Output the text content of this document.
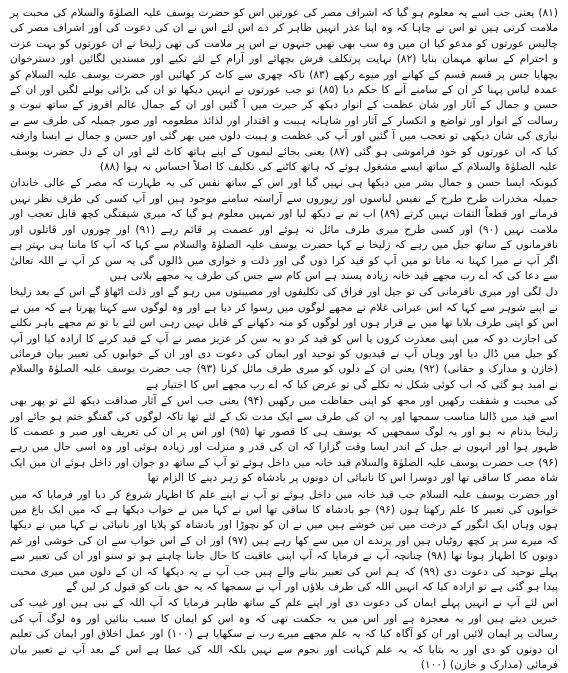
(۸۱) یعنی جب اسے یہ معلوم ہو گیا کہ اشراف مصر کی عورتیں اس کو حضرت یوسف علیہ الصلوٰۃ والسلام کی محبت پر ملامت کرتی ہیں تو اس نے چاہا کہ وہ اپنا عذر انہیں ظاہر کر دے اس لئے اس نے ان کی دعوت کی اور اشراف مصر کی چالیس عورتوں کو مدعو کیا ان میں وہ سب بھی تھیں جنہوں نے اس پر ملامت کی تھی زلیخا نے ان عورتوں کو بہت عزت و احترام کے ساتھ مہمان بنایا (۸۲) نہایت پرتکلف فرش بچھائے اور آرام کے لئے تکیے اور مسندیں لگائیں اور دسترخوان بچھایا جس پر قسم قسم کے کھانے اور میوے رکھے (۸۳) تاکہ چھری سے کاٹ کر کھائیں اور حضرت یوسف علیہ السلام کو عمدہ لباس پہنا کر ان کے سامنے آنے کا حکم دیا (۸۵) تو جب عورتوں نے انہیں دیکھا تو ان کی بڑائی بولنے لگیں اور ان کے حسن و جمال کے آثار اور شان عظمت کے انوار دیکھ کر حیرت میں آ گئیں اور ان کے جمال عالم افروز کے ساتھ نبوت و رسالت کے انوار اور تواضع و انکسار کے آثار اور شاہانہ ہیبت و اقتدار اور لذائذ مطعومہ اور صور جمیلہ کی طرف سے بے نیازی کی شان دیکھی تو تعجب میں آ گئیں اور آپ کی عظمت و ہیبت دلوں میں بھر گئی اور حسن و جمال نے ایسا وارفتہ کیا کہ ان عورتوں کو خود فراموشی ہو گئی (۸۷) یعنی بجائے لیموں کے اپنے ہاتھ کاٹ لئے اور ان کے دل حضرت یوسف علیہ الصلوٰۃ والسلام کے ساتھ ایسے مشغول ہوئے کہ ہاتھ کاٹنے کی تکلیف کا اصلاً احساس نہ ہوا (۸۸)

کیونکہ ایسا حسن و جمال بشر میں دیکھا ہی نہیں گیا اور اس کے ساتھ نفس کی یہ طہارت کہ مصر کے عالی خاندان جمیلہ مخدرات طرح طرح کے نفیس لباسوں اور زیوروں سے آراستہ سامنے موجود ہیں اور آپ کسی کی طرف نظر نہیں فرماتے اور قطعاً التفات نہیں کرتے (۸۹) اب تم نے دیکھ لیا اور تمہیں معلوم ہو گیا کہ میری شیفتگی کچھ قابل تعجب اور ملامت نہیں (۹۰) اور کسی طرح میری طرف مائل نہ ہوئے اور عصمت پر قائم رہے (۹۱) اور چوروں اور قاتلوں اور نافرمانوں کے ساتھ جیل میں رہے کہ زلیخا نے کہا حضرت یوسف علیہ الصلوٰۃ والسلام سے کہا کہ آپ کا ماننا ہی بہتر ہے اگر آپ نے میرا کہنا نہ مانا تو میں آپ کو قید کرا دوں گی اور ذلت و خواری میں ڈالوں گی یہ سن کر آپ نے اللہ تعالیٰ سے دعا کی کہ اے رب مجھے قید خانہ زیادہ پسند ہے اس کام سے جس کی طرف یہ مجھے بلاتی ہیں

دل لگی اور میری نافرمانی کی تو جیل اور فراق کی تکلیفوں اور مصیبتوں میں رہو گے اور ذلت اٹھاؤ گے اس کے بعد زلیخا نے اپنے شوہر سے کہا کہ اس عبرانی غلام نے مجھے لوگوں میں رسوا کر دیا ہے اور وہ لوگوں سے کہتا پھرتا ہے کہ میں نے اس کو اپنی طرف بلایا تھا میں بے قرار ہوں اور لوگوں کو منہ دکھانے کے قابل نہیں رہی اس لئے یا تو تم مجھے باہر نکلنے کی اجازت دو کہ میں اپنی معذرت کروں یا اس کو قید کر دو یہ سن کر عزیز مصر نے آپ کے قید کرنے کا ارادہ کیا اور آپ کو جیل میں ڈال دیا اور وہاں آپ نے قیدیوں کو توحید اور ایمان کی دعوت دی اور ان کے خوابوں کی تعبیر بیان فرمائی (خازن و مدارک و حقانی) (۹۲) یعنی ان کے دلوں کو میری طرف مائل کرنا (۹۳) جب حضرت یوسف علیہ الصلوٰۃ والسلام نے امید ہو گئی کہ اب کوئی شکل نہ نکلے گی تو عرض کیا کہ اے رب مجھے اس کا اختیار ہے

کی محبت و شفقت رکھیں اور مجھ کو اپنی حفاظت میں رکھیں (۹۴) یعنی جب اس کے آثار صداقت دیکھ لئے تو پھر بھی اسے قید میں ڈالنا مناسب سمجھا اور یہ ان کی طرف سے ایک مدت تک کے لئے تھا تاکہ لوگوں کی گفتگو ختم ہو جائے اور زلیخا بدنام نہ ہو اور یہ لوگ سمجھیں کہ یوسف ہی کا قصور تھا (۹۵) اور اس پر ان کی تعریف اور صبر و عصمت کا ظہور ہوا اور انہوں نے جیل کے اندر ایسا وقت گزارا کہ ان کی قدر و منزلت اور زیادہ ہوئی اور وہ اسی حال میں رہے (۹۶) جب حضرت یوسف علیہ الصلوٰۃ والسلام قید خانہ میں داخل ہوئے تو آپ کے ساتھ دو جوان اور داخل ہوئے ان میں ایک شاہ مصر کا ساقی تھا اور دوسرا اس کا نانبائی ان دونوں پر بادشاہ کو زہر دینے کا الزام تھا

اور حضرت یوسف علیہ السلام جب قید خانہ میں داخل ہوئے تو آپ نے اپنے علم کا اظہار شروع کر دیا اور فرمایا کہ میں خوابوں کی تعبیر کا علم رکھتا ہوں (۹۶) جو بادشاہ کا ساقی تھا اس نے کہا میں نے خواب دیکھا ہے کہ میں ایک باغ میں ہوں وہاں ایک انگور کے درخت میں تین خوشے ہیں میں نے ان کو نچوڑا اور بادشاہ کو پلایا اور نانبائی نے کہا میں نے دیکھا کہ میرے سر پر کچھ روٹیاں ہیں اور پرندے ان میں سے کھا رہے ہیں (۹۷) اور ان کے اس خواب سے ان کی خوشی اور غم دونوں کا اظہار ہوتا تھا (۹۸) چنانچہ آپ نے فرمایا کہ آپ اپنی عاقبت کا حال جاننا چاہتے ہو تو سنو اور ان کی تعبیر سے پہلے توحید کی دعوت دی (۹۹) کہ ہم اس کی تعبیر بتانے والے ہیں جب آپ نے یہ دیکھا کہ ان کے دلوں میں میری محبت پیدا ہو گئی ہے تو ارادہ کیا کہ انہیں اللہ کی طرف بلاؤں اور آپ نے سمجھا کہ یہ حق بات کو قبول کر لیں گے

اس لئے آپ نے انہیں پہلے ایمان کی دعوت دی اور اپنے علم کے ساتھ ظاہر فرمایا کہ آپ اللہ کے نبی ہیں اور غیب کی خبریں دیتے ہیں اور یہ معجزہ ہے اور اس میں یہ حکمت تھی کہ وہ اس کو ایمان کا سبب بنائیں اور وہ لوگ آپ کی رسالت پر ایمان لائیں اور ان کو آگاہ کیا کہ یہ علم مجھے میرے رب نے سکھایا ہے (۱۰۰) اور عمل اخلاق اور ایمان کی تعلیم ان دونوں کو دی اور یہ بتایا کہ یہ علم کہانت اور نجوم سے نہیں بلکہ اللہ کی عطا ہے اس کے بعد آپ نے تعبیر بیان فرمائی (مدارک و خازن) (۱۰۰)
